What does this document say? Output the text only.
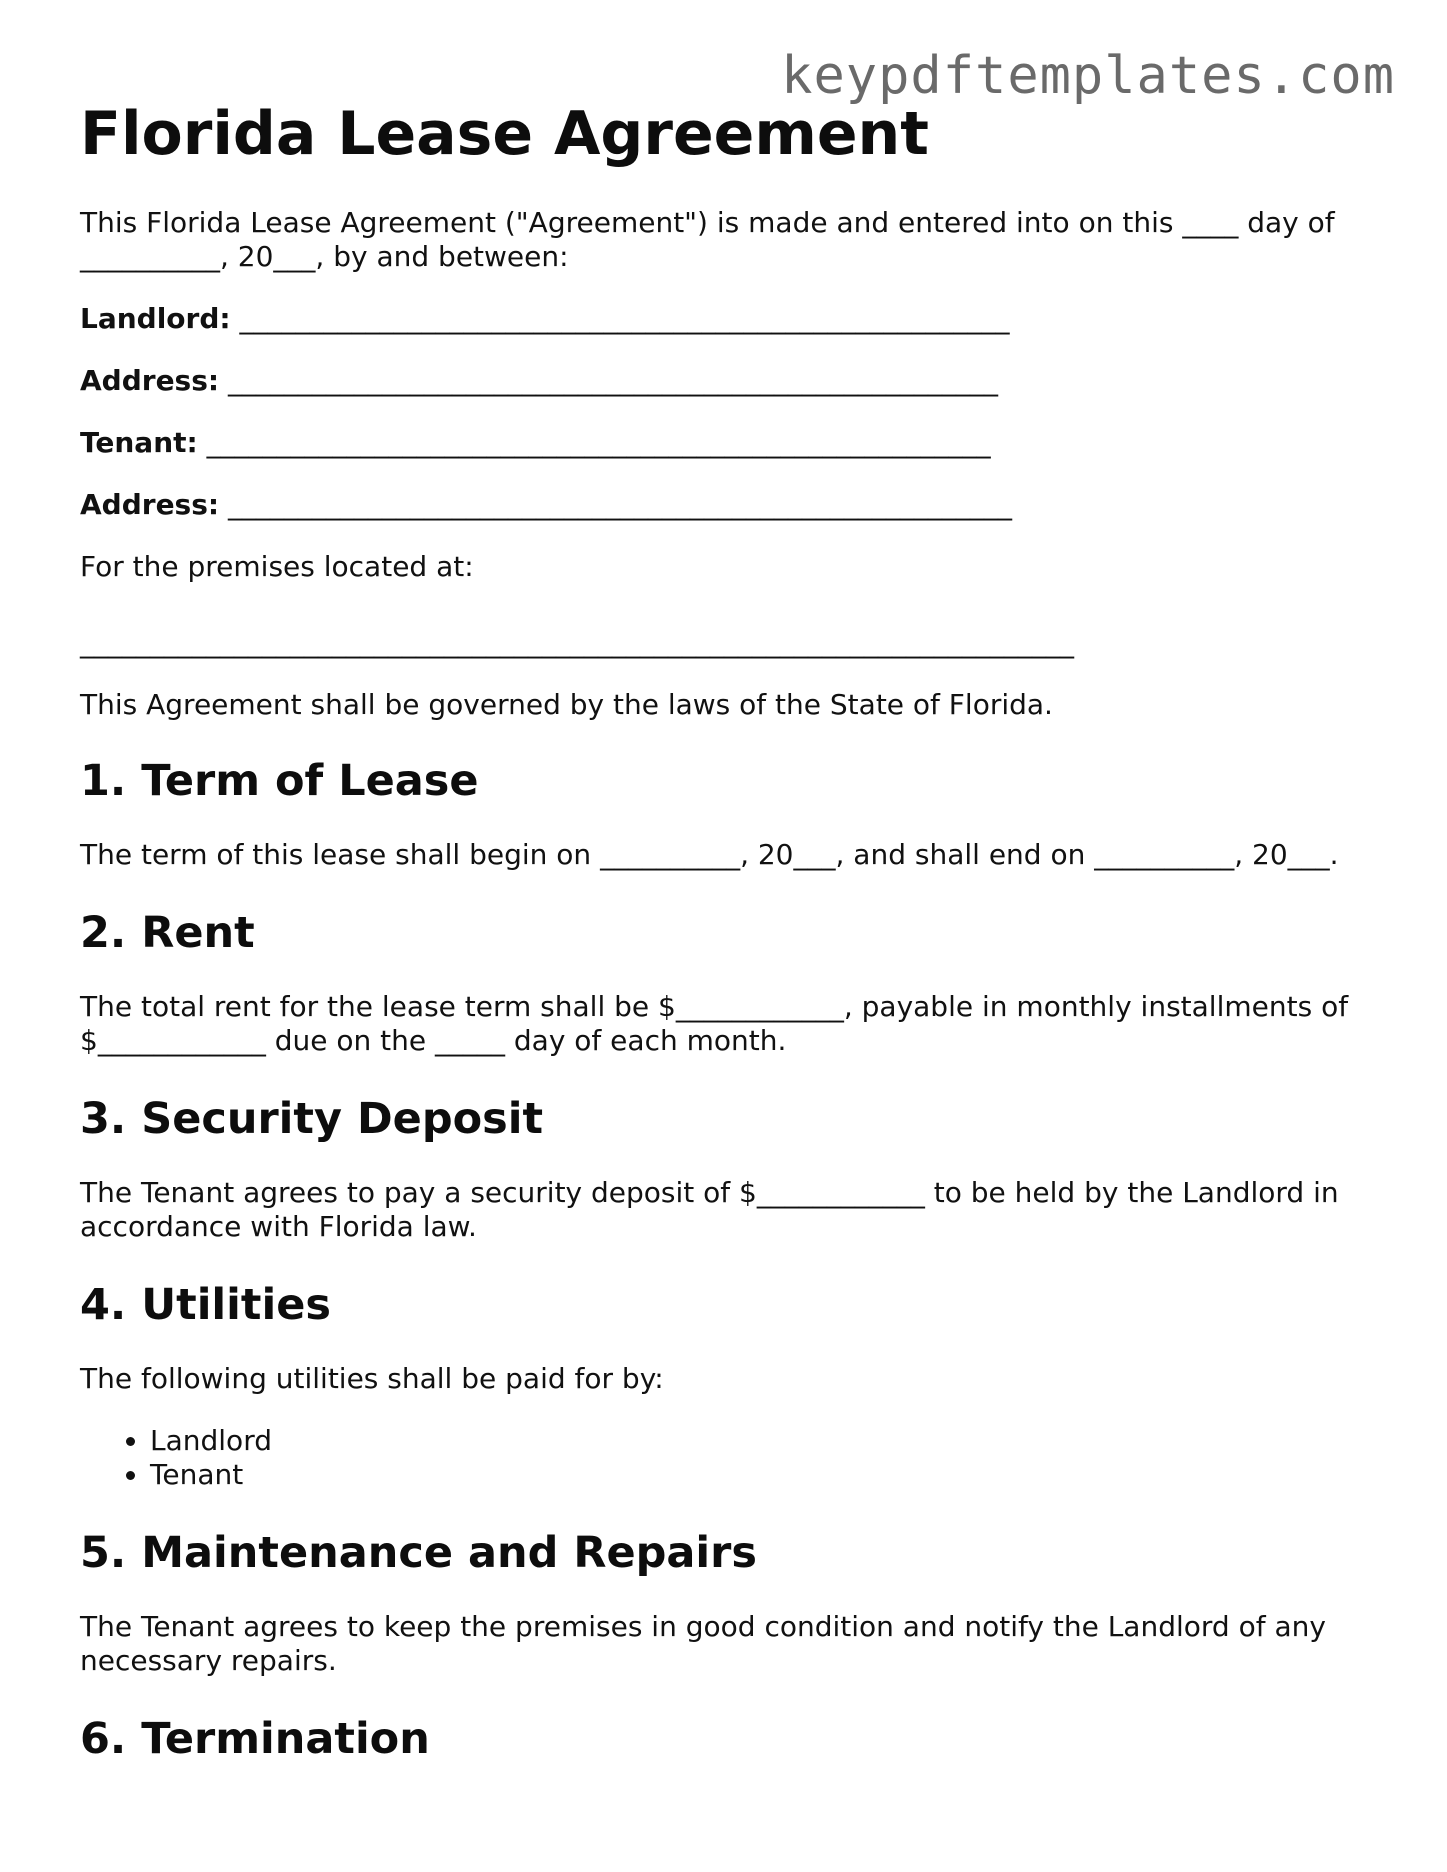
keypdftemplates.com
Florida Lease Agreement

This Florida Lease Agreement ("Agreement") is made and entered into on this ____ day of
__________, 20___, by and between:

Landlord: _______________________________________________________
Address: _______________________________________________________
Tenant: ________________________________________________________
Address: ________________________________________________________

For the premises located at:

_______________________________________________________________________

This Agreement shall be governed by the laws of the State of Florida.

1. Term of Lease

The term of this lease shall begin on __________, 20___, and shall end on __________, 20___.

2. Rent

The total rent for the lease term shall be $____________, payable in monthly installments of
$____________ due on the _____ day of each month.

3. Security Deposit

The Tenant agrees to pay a security deposit of $____________ to be held by the Landlord in
accordance with Florida law.

4. Utilities

The following utilities shall be paid for by:

• Landlord
• Tenant
5. Maintenance and Repairs

The Tenant agrees to keep the premises in good condition and notify the Landlord of any
necessary repairs.

6. Termination
